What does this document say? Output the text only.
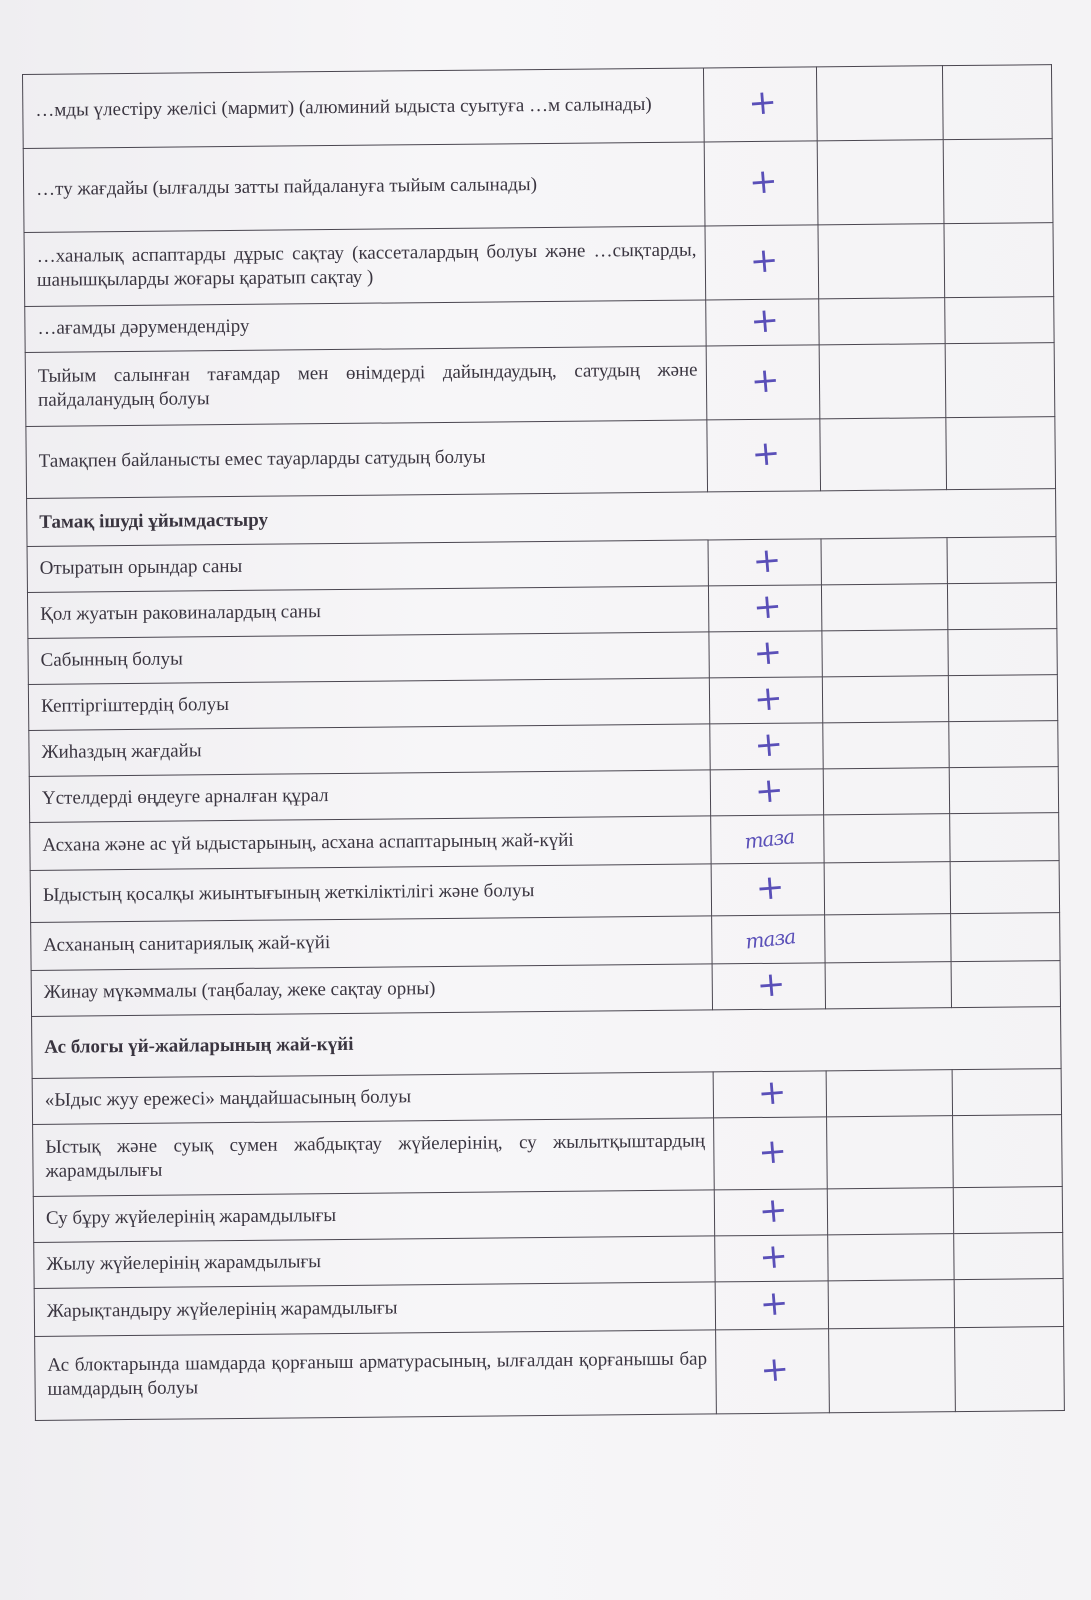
…мды үлестіру желісі (мармит) (алюминий ыдыста суытуға …м салынады)	+		
…ту жағдайы (ылғалды затты пайдалануға тыйым салынады)	+		
…ханалық аспаптарды дұрыс сақтау (кассеталардың болуы және …сықтарды, шанышқыларды жоғары қаратып сақтау )	+		
…ағамды дәрумендендіру	+		
Тыйым салынған тағамдар мен өнімдерді дайындаудың, сатудың және пайдаланудың болуы	+		
Тамақпен байланысты емес тауарларды сатудың болуы	+		
Тамақ ішуді ұйымдастыру			
Отыратын орындар саны	+		
Қол жуатын раковиналардың саны	+		
Сабынның болуы	+		
Кептіргіштердің болуы	+		
Жиһаздың жағдайы	+		
Үстелдерді өңдеуге арналған құрал	+		
Асхана және ас үй ыдыстарының, асхана аспаптарының жай-күйі	таза		
Ыдыстың қосалқы жиынтығының жеткіліктілігі және болуы	+		
Асхананың санитариялық жай-күйі	таза		
Жинау мүкәммалы (таңбалау, жеке сақтау орны)	+		
Ас блогы үй-жайларының жай-күйі			
«Ыдыс жуу ережесі» маңдайшасының болуы	+		
Ыстық және суық сумен жабдықтау жүйелерінің, су жылытқыштардың жарамдылығы	+		
Су бұру жүйелерінің жарамдылығы	+		
Жылу жүйелерінің жарамдылығы	+		
Жарықтандыру жүйелерінің жарамдылығы	+		
Ас блоктарында шамдарда қорғаныш арматурасының, ылғалдан қорғанышы бар шамдардың болуы	+		
